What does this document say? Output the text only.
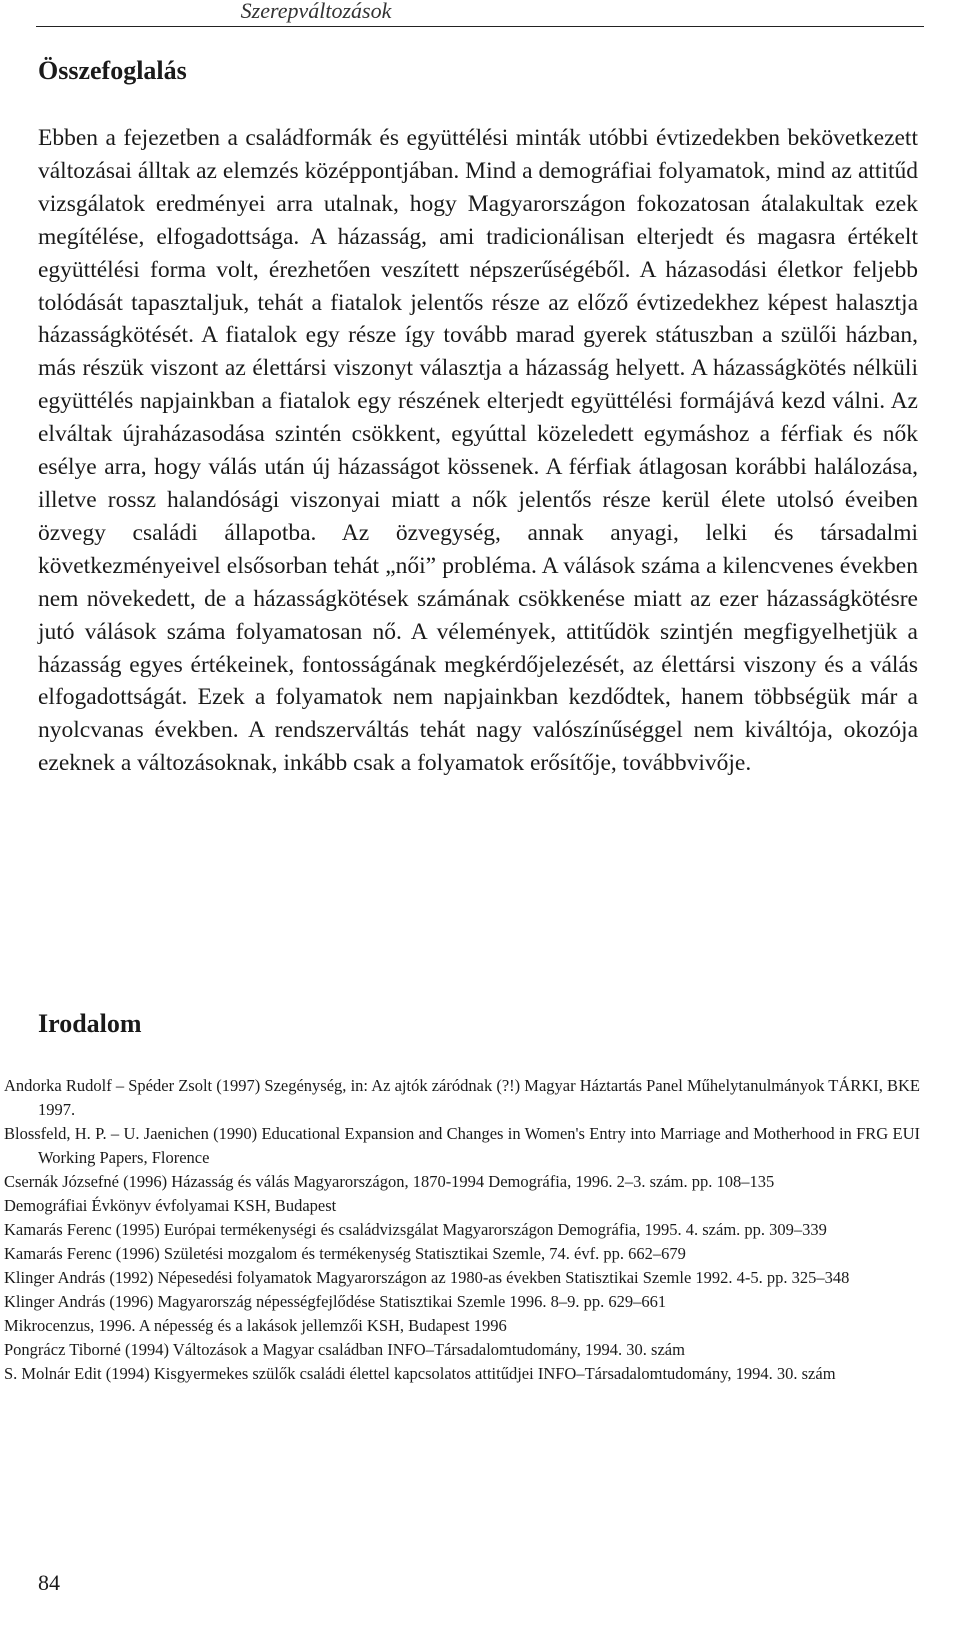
Szerepváltozások
Összefoglalás

Ebben a fejezetben a családformák és együttélési minták utóbbi évtizedekben bekövetkezett változásai álltak az elemzés középpontjában. Mind a demográfiai folyamatok, mind az attitűd vizsgálatok eredményei arra utalnak, hogy Magyarországon fokozatosan átalakultak ezek megítélése, elfogadottsága. A házasság, ami tradicionálisan elterjedt és magasra értékelt együttélési forma volt, érezhetően veszített népszerűségéből. A házasodási életkor feljebb tolódását tapasztaljuk, tehát a fiatalok jelentős része az előző évtizedekhez képest halasztja házasságkötését. A fiatalok egy része így tovább marad gyerek státuszban a szülői házban, más részük viszont az élettársi viszonyt választja a házasság helyett. A házasságkötés nélküli együttélés napjainkban a fiatalok egy részének elterjedt együttélési formájává kezd válni. Az elváltak újraházasodása szintén csökkent, egyúttal közeledett egymáshoz a férfiak és nők esélye arra, hogy válás után új házasságot kössenek. A férfiak átlagosan korábbi halálozása, illetve rossz halandósági viszonyai miatt a nők jelentős része kerül élete utolsó éveiben özvegy családi állapotba. Az özvegység, annak anyagi, lelki és társadalmi következményeivel elsősorban tehát „női” probléma. A válások száma a kilencvenes években nem növekedett, de a házasságkötések számának csökkenése miatt az ezer házasságkötésre jutó válások száma folyamatosan nő. A vélemények, attitűdök szintjén megfigyelhetjük a házasság egyes értékeinek, fontosságának megkérdőjelezését, az élettársi viszony és a válás elfogadottságát. Ezek a folyamatok nem napjainkban kezdődtek, hanem többségük már a nyolcvanas években. A rendszerváltás tehát nagy valószínűséggel nem kiváltója, okozója ezeknek a változásoknak, inkább csak a folyamatok erősítője, továbbvivője.

Irodalom
Andorka Rudolf – Spéder Zsolt (1997) Szegénység, in: Az ajtók záródnak (?!) Magyar Háztartás Panel Műhelytanulmányok TÁRKI, BKE 1997.
Blossfeld, H. P. – U. Jaenichen (1990) Educational Expansion and Changes in Women's Entry into Marriage and Motherhood in FRG EUI Working Papers, Florence
Csernák Józsefné (1996) Házasság és válás Magyarországon, 1870-1994 Demográfia, 1996. 2–3. szám. pp. 108–135
Demográfiai Évkönyv évfolyamai KSH, Budapest
Kamarás Ferenc (1995) Európai termékenységi és családvizsgálat Magyarországon Demográfia, 1995. 4. szám. pp. 309–339
Kamarás Ferenc (1996) Születési mozgalom és termékenység Statisztikai Szemle, 74. évf. pp. 662–679
Klinger András (1992) Népesedési folyamatok Magyarországon az 1980-as években Statisztikai Szemle 1992. 4-5. pp. 325–348
Klinger András (1996) Magyarország népességfejlődése Statisztikai Szemle 1996. 8–9. pp. 629–661
Mikrocenzus, 1996. A népesség és a lakások jellemzői KSH, Budapest 1996
Pongrácz Tiborné (1994) Változások a Magyar családban INFO–Társadalomtudomány, 1994. 30. szám
S. Molnár Edit (1994) Kisgyermekes szülők családi élettel kapcsolatos attitűdjei INFO–Társadalomtudomány, 1994. 30. szám
84
